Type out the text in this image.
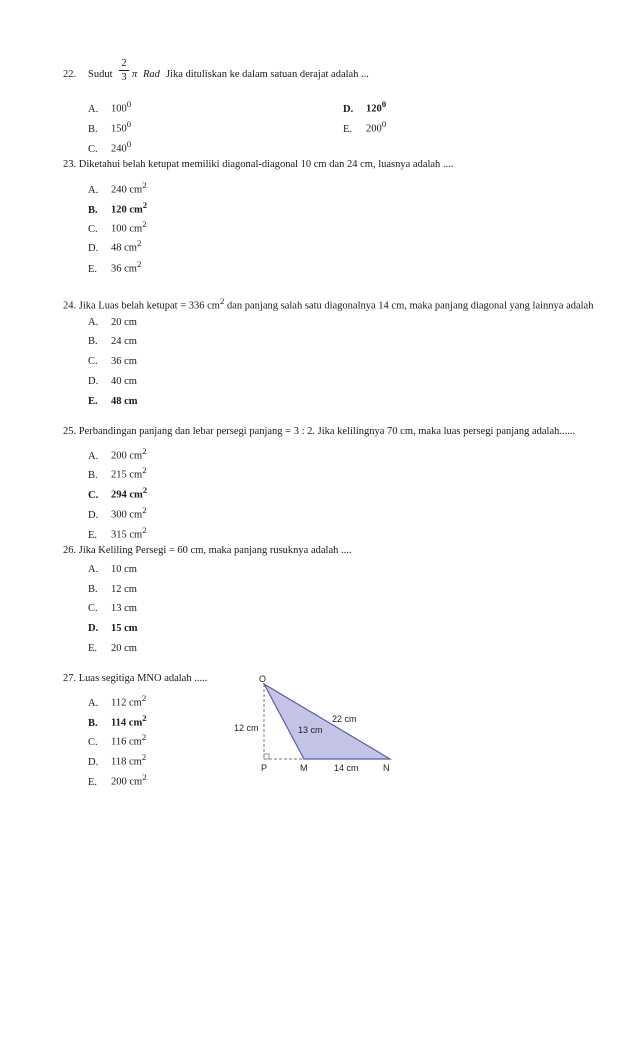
22. Sudut $\frac{2}{3}$ π Rad Jika dituliskan ke dalam satuan derajat adalah ...
A. $100^0$
B. $150^0$
C. $240^0$
D. $120^0$
E. $200^0$
23. Diketahui belah ketupat memiliki diagonal-diagonal 10 cm dan 24 cm, luasnya adalah ....
A. 240 $cm^2$
B. 120 $cm^2$
C. 100 $cm^2$
D. 48 $cm^2$
E. 36 $cm^2$
24. Jika Luas belah ketupat = 336 $cm^2$ dan panjang salah satu diagonalnya 14 cm, maka panjang diagonal yang lainnya adalah
A. 20 cm
B. 24 cm
C. 36 cm
D. 40 cm
E. 48 cm
25. Perbandingan panjang dan lebar persegi panjang = 3 : 2. Jika kelilingnya 70 cm, maka luas persegi panjang adalah......
A. 200 $cm^2$
B. 215 $cm^2$
C. 294 $cm^2$
D. 300 $cm^2$
E. 315 $cm^2$
26. Jika Keliling Persegi = 60 cm, maka panjang rusuknya adalah ....
A. 10 cm
B. 12 cm
C. 13 cm
D. 15 cm
E. 20 cm
27. Luas segitiga MNO adalah .....
A. 112 $cm^2$
B. 114 $cm^2$
C. 116 $cm^2$
D. 118 $cm^2$
E. 200 $cm^2$
O
P	M	N
12 cm	13 cm
22 cm
14 cm
